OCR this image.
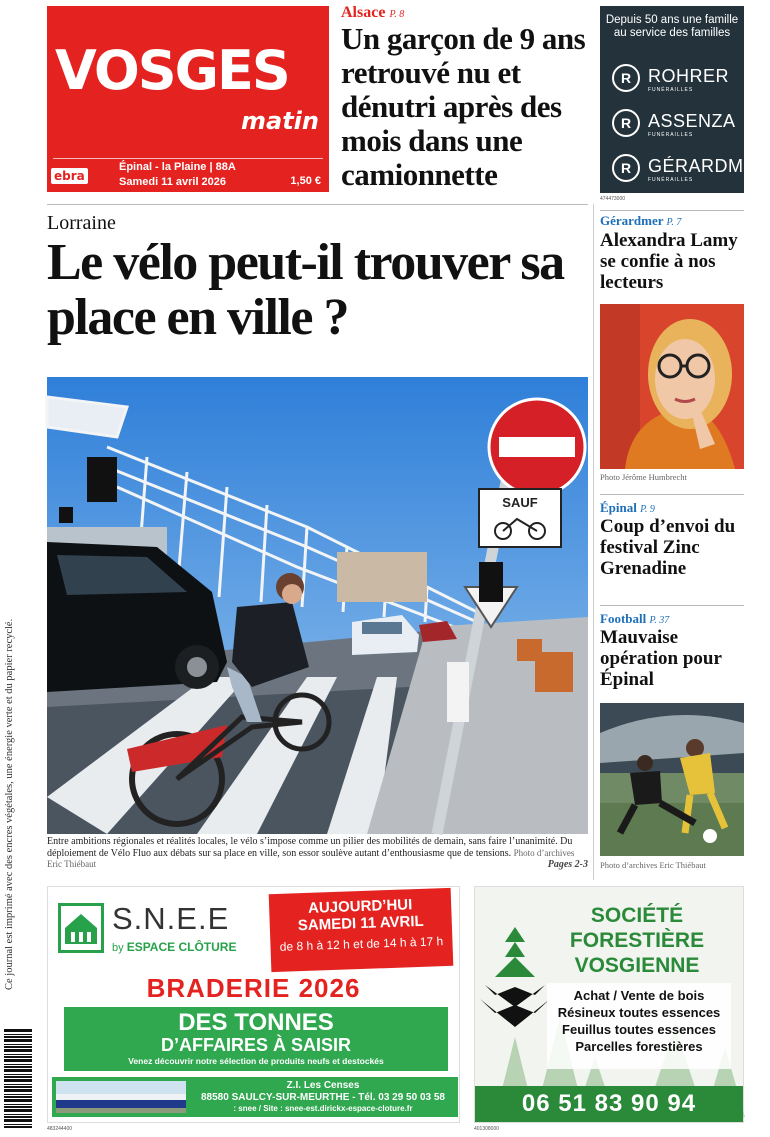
Ce journal est imprimé avec des encres végétales, une énergie verte et du papier recyclé.
VOSGES
matin
ebra
Épinal - la Plaine | 88A
Samedi 11 avril 2026	1,50 €
Alsace P. 8
Un garçon de 9 ans retrouvé nu et dénutri après des mois dans une camionnette
Depuis 50 ans une famille au service des familles
R ROHRER
FUNÉRAILLES
R ASSENZA
FUNÉRAILLES
R GÉRARDMER
FUNÉRAILLES
474473000
Lorraine
Le vélo peut-il trouver sa place en ville ?
SAUF
Entre ambitions régionales et réalités locales, le vélo s’impose comme un pilier des mobilités de demain, sans faire l’unanimité. Du déploiement de Vélo Fluo aux débats sur sa place en ville, son essor soulève autant d’enthousiasme que de tensions. Photo d’archives Eric Thiébaut	Pages 2-3
Gérardmer P. 7
Alexandra Lamy se confie à nos lecteurs
Photo Jérôme Humbrecht
Épinal P. 9
Coup d’envoi du festival Zinc Grenadine
Football P. 37
Mauvaise opération pour Épinal
Photo d’archives Eric Thiébaut
S.N.E.E
by ESPACE CLÔTURE
AUJOURD’HUI
SAMEDI 11 AVRIL
de 8 h à 12 h et de 14 h à 17 h
BRADERIE 2026
DES TONNES
D’AFFAIRES À SAISIR
Venez découvrir notre sélection de produits neufs et destockés
Z.I. Les Censes
88580 SAULCY-SUR-MEURTHE - Tél. 03 29 50 03 58
: snee / Site : snee-est.dirickx-espace-cloture.fr
483244400
SOCIÉTÉ FORESTIÈRE VOSGIENNE
Achat / Vente de bois
Résineux toutes essences
Feuillus toutes essences
Parcelles forestières
06 51 83 90 94
401308000
